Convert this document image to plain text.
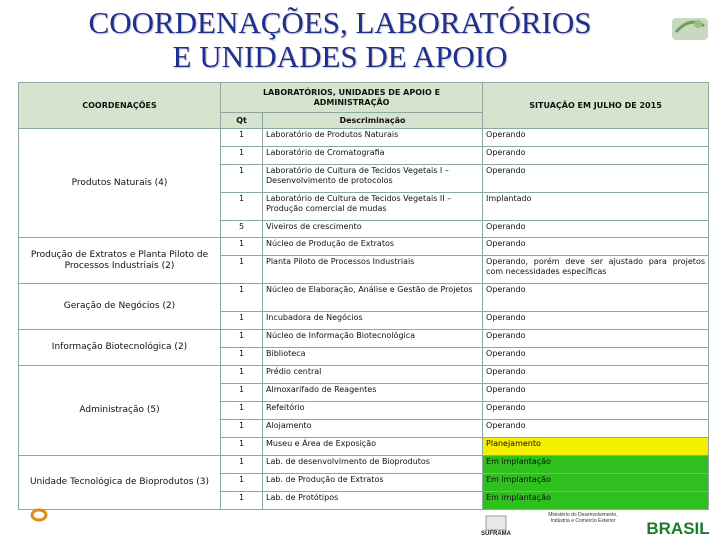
COORDENAÇÕES, LABORATÓRIOS
E UNIDADES DE APOIO
COORDENAÇÕES	LABORATÓRIOS, UNIDADES DE APOIO E ADMINISTRAÇÃO		SITUAÇÃO EM JULHO DE 2015
	Qt	Descriminação	
Produtos Naturais (4)	1	Laboratório de Produtos Naturais	Operando
	1	Laboratório de Cromatografia	Operando
	1	Laboratório de Cultura de Tecidos Vegetais I – Desenvolvimento de protocolos	Operando
	1	Laboratório de Cultura de Tecidos Vegetais II – Produção comercial de mudas	Implantado
	5	Viveiros de crescimento	Operando
Produção de Extratos e Planta Piloto de Processos Industriais (2)	1	Núcleo de Produção de Extratos	Operando
	1	Planta Piloto de Processos Industriais	Operando, porém deve ser ajustado para projetos com necessidades específicas
Geração de Negócios (2)	1	Núcleo de Elaboração, Análise e Gestão de Projetos	Operando
	1	Incubadora de Negócios	Operando
Informação Biotecnológica (2)	1	Núcleo de Informação Biotecnológica	Operando
	1	Biblioteca	Operando
Administração (5)	1	Prédio central	Operando
	1	Almoxarifado de Reagentes	Operando
	1	Refeitório	Operando
	1	Alojamento	Operando
	1	Museu e Área de Exposição	Planejamento
Unidade Tecnológica de Bioprodutos (3)	1	Lab. de desenvolvimento de Bioprodutos	Em implantação
	1	Lab. de Produção de Extratos	Em implantação
	1	Lab. de Protótipos	Em implantação
SUFRAMA
Ministério do Desenvolvimento, Indústria e Comércio Exterior	BRASIL
